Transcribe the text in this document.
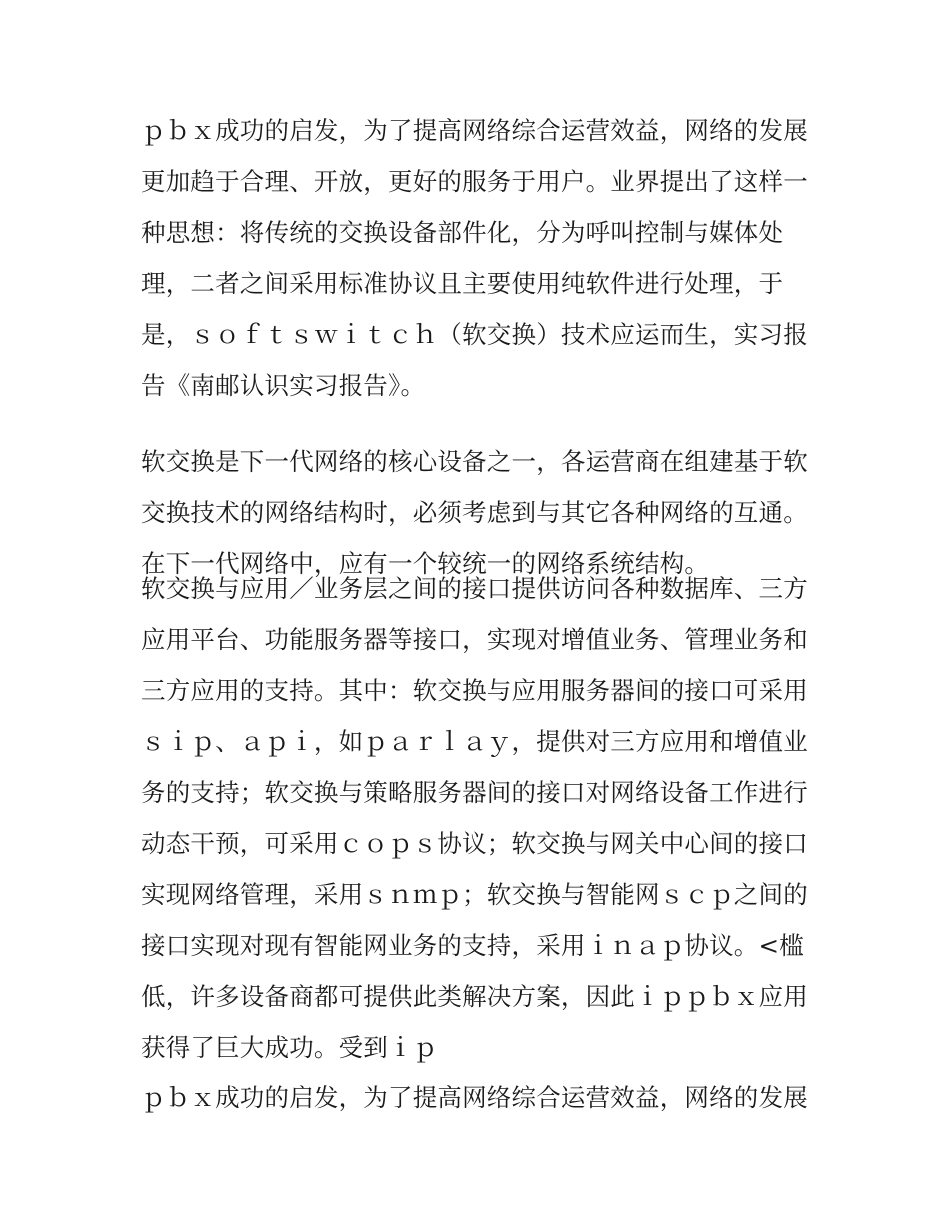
ｐｂｘ成功的启发，为了提高网络综合运营效益，网络的发展
更加趋于合理、开放，更好的服务于用户。业界提出了这样一
种思想：将传统的交换设备部件化，分为呼叫控制与媒体处
理，二者之间采用标准协议且主要使用纯软件进行处理，于
是，ｓｏｆｔｓｗｉｔｃｈ（软交换）技术应运而生，实习报
告《南邮认识实习报告》。
软交换是下一代网络的核心设备之一，各运营商在组建基于软
交换技术的网络结构时，必须考虑到与其它各种网络的互通。
在下一代网络中，应有一个较统一的网络系统结构。
软交换与应用／业务层之间的接口提供访问各种数据库、三方
应用平台、功能服务器等接口，实现对增值业务、管理业务和
三方应用的支持。其中：软交换与应用服务器间的接口可采用
ｓｉｐ、ａｐｉ，如ｐａｒｌａｙ，提供对三方应用和增值业
务的支持；软交换与策略服务器间的接口对网络设备工作进行
动态干预，可采用ｃｏｐｓ协议；软交换与网关中心间的接口
实现网络管理，采用ｓｎｍｐ；软交换与智能网ｓｃｐ之间的
接口实现对现有智能网业务的支持，采用ｉｎａｐ协议。<槛
低，许多设备商都可提供此类解决方案，因此ｉｐｐｂｘ应用
获得了巨大成功。受到ｉｐ
ｐｂｘ成功的启发，为了提高网络综合运营效益，网络的发展
